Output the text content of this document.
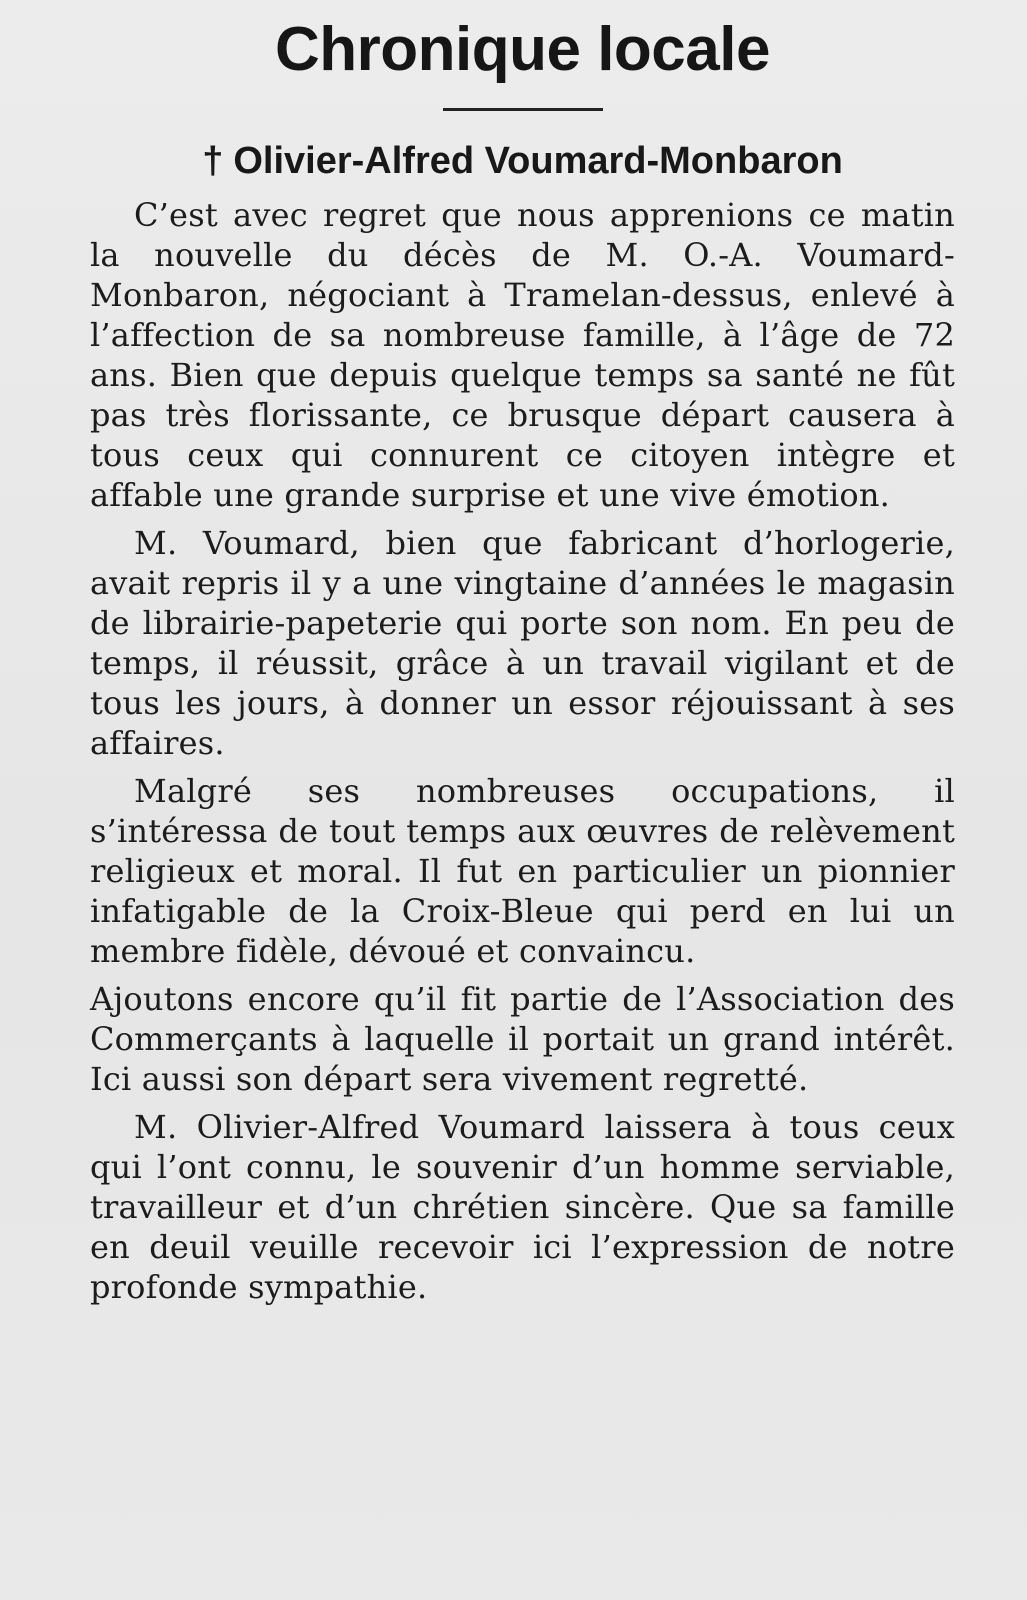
Chronique locale
† Olivier-Alfred Voumard-Monbaron

C’est avec regret que nous apprenions ce matin la nouvelle du décès de M. O.-A. Voumard-Monbaron, négociant à Tramelan-dessus, enlevé à l’affection de sa nombreuse famille, à l’âge de 72 ans. Bien que depuis quelque temps sa santé ne fût pas très florissante, ce brusque départ causera à tous ceux qui connurent ce citoyen intègre et affable une grande surprise et une vive émotion.

M. Voumard, bien que fabricant d’horlogerie, avait repris il y a une vingtaine d’années le magasin de librairie-papeterie qui porte son nom. En peu de temps, il réussit, grâce à un travail vigilant et de tous les jours, à donner un essor réjouissant à ses affaires.

Malgré ses nombreuses occupations, il s’intéressa de tout temps aux œuvres de relèvement religieux et moral. Il fut en particulier un pionnier infatigable de la Croix-Bleue qui perd en lui un membre fidèle, dévoué et convaincu.

Ajoutons encore qu’il fit partie de l’Association des Commerçants à laquelle il portait un grand intérêt. Ici aussi son départ sera vivement regretté.

M. Olivier-Alfred Voumard laissera à tous ceux qui l’ont connu, le souvenir d’un homme serviable, travailleur et d’un chrétien sincère. Que sa famille en deuil veuille recevoir ici l’expression de notre profonde sympathie.
